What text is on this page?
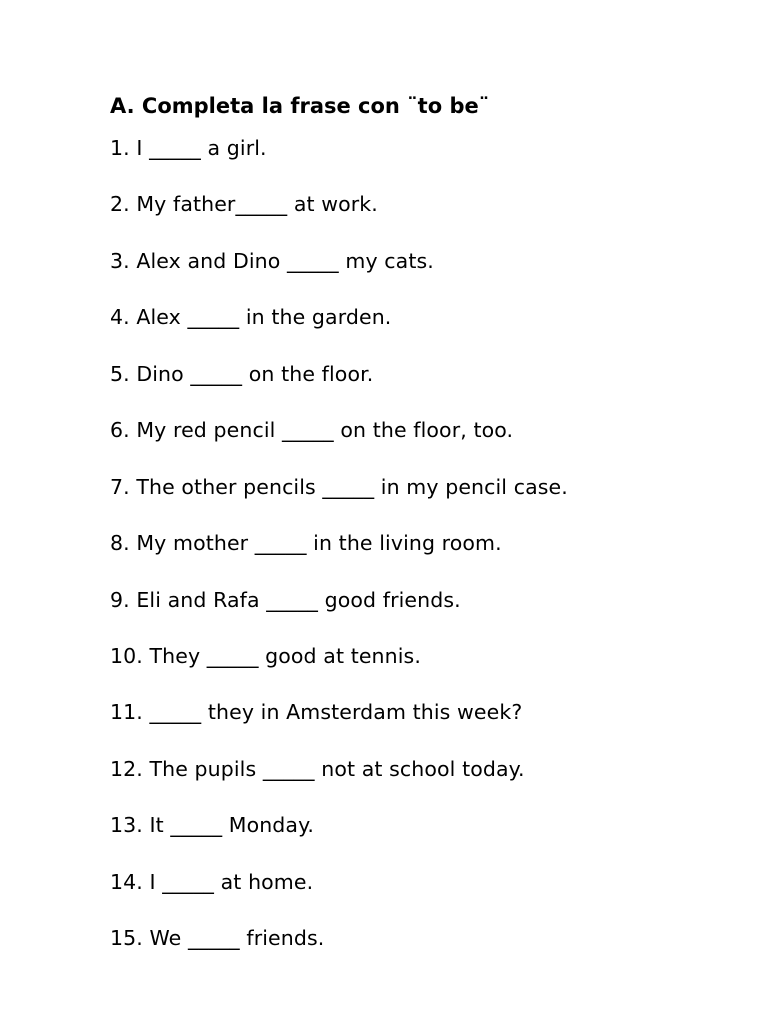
A. Completa la frase con ¨to be¨
1. I _____ a girl.
2. My father_____ at work.
3. Alex and Dino _____ my cats.
4. Alex _____ in the garden.
5. Dino _____ on the floor.
6. My red pencil _____ on the floor, too.
7. The other pencils _____ in my pencil case.
8. My mother _____ in the living room.
9. Eli and Rafa _____ good friends.
10. They _____ good at tennis.
11. _____ they in Amsterdam this week?
12. The pupils _____ not at school today.
13. It _____ Monday.
14. I _____ at home.
15. We _____ friends.
